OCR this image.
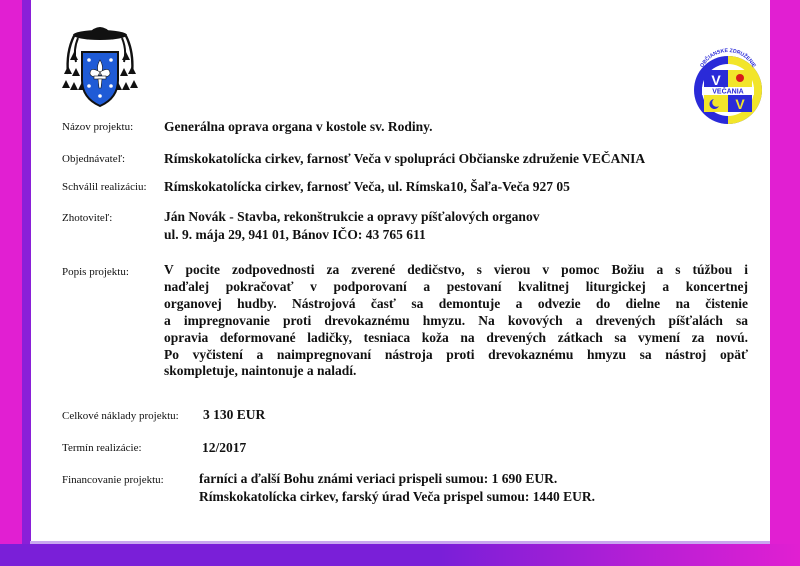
OBČIANSKE ZDRUŽENIE
V
V
VEČANIA
Názov projektu: Generálna oprava organa v kostole sv. Rodiny.
Objednávateľ:	Rímskokatolícka cirkev, farnosť Veča v spolupráci Občianske združenie VEČANIA
Schválil realizáciu: Rímskokatolícka cirkev, farnosť Veča, ul. Rímska10, Šaľa-Veča 927 05
Zhotoviteľ:	Ján Novák - Stavba, rekonštrukcie a opravy píšťalových organov
ul. 9. mája 29, 941 01, Bánov IČO: 43 765 611
Popis projektu:	V pocite zodpovednosti za zverené dedičstvo, s vierou v pomoc Božiu a s túžbou i
naďalej pokračovať v podporovaní a pestovaní kvalitnej liturgickej a koncertnej
organovej hudby. Nástrojová časť sa demontuje a odvezie do dielne na čistenie
a impregnovanie proti drevokaznému hmyzu. Na kovových a drevených píšťalách sa
opravia deformované ladičky, tesniaca koža na drevených zátkach sa vymení za novú.
Po vyčistení a naimpregnovaní nástroja proti drevokaznému hmyzu sa nástroj opäť
skompletuje, naintonuje a naladí.
Celkové náklady projektu: 3 130 EUR
Termín realizácie:	12/2017
Financovanie projektu:	farníci a ďalší Bohu známi veriaci prispeli sumou: 1 690 EUR.
Rímskokatolícka cirkev, farský úrad Veča prispel sumou: 1440 EUR.
